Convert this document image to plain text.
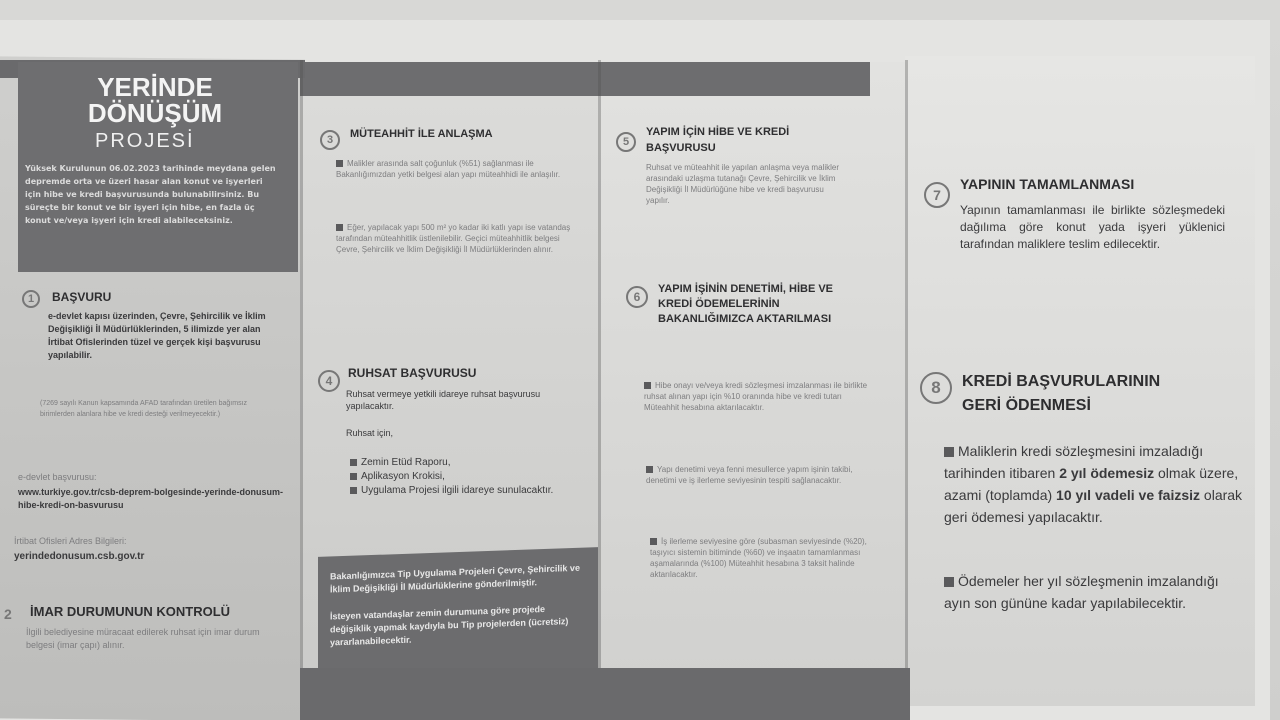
YERİNDE
DÖNÜŞÜM
PROJESİ
Yüksek Kurulunun 06.02.2023 tarihinde meydana gelen depremde orta ve üzeri hasar alan konut ve işyerleri için hibe ve kredi başvurusunda bulunabilirsiniz. Bu süreçte bir konut ve bir işyeri için hibe, en fazla üç konut ve/veya işyeri için kredi alabileceksiniz.
1	BAŞVURU
e-devlet kapısı üzerinden, Çevre, Şehircilik ve İklim Değişikliği İl Müdürlüklerinden, 5 ilimizde yer alan İrtibat Ofislerinden tüzel ve gerçek kişi başvurusu yapılabilir.
(7269 sayılı Kanun kapsamında AFAD tarafından üretilen bağımsız birimlerden alanlara hibe ve kredi desteği verilmeyecektir.)
e-devlet başvurusu:
www.turkiye.gov.tr/csb-deprem-bolgesinde-yerinde-donusum-hibe-kredi-on-basvurusu
İrtibat Ofisleri Adres Bilgileri:
yerindedonusum.csb.gov.tr
2 İMAR DURUMUNUN KONTROLÜ
İlgili belediyesine müracaat edilerek ruhsat için imar durum belgesi (imar çapı) alınır.
3	MÜTEAHHİT İLE ANLAŞMA
Malikler arasında salt çoğunluk (%51) sağlanması ile Bakanlığımızdan yetki belgesi alan yapı müteahhidi ile anlaşılır.
Eğer, yapılacak yapı 500 m² yo kadar iki katlı yapı ise vatandaş tarafından müteahhitlik üstlenilebilir. Geçici müteahhitlik belgesi Çevre, Şehircilik ve İklim Değişikliği İl Müdürlüklerinden alınır.
4
RUHSAT BAŞVURUSU
Ruhsat vermeye yetkili idareye ruhsat başvurusu yapılacaktır.
Ruhsat için,
Zemin Etüd Raporu,
Aplikasyon Krokisi,
Uygulama Projesi ilgili idareye sunulacaktır.

Bakanlığımızca Tip Uygulama Projeleri Çevre, Şehircilik ve İklim Değişikliği İl Müdürlüklerine gönderilmiştir.

İsteyen vatandaşlar zemin durumuna göre projede değişiklik yapmak kaydıyla bu Tip projelerden (ücretsiz) yararlanabilecektir.

5
YAPIM İÇİN HİBE VE KREDİ BAŞVURUSU
Ruhsat ve müteahhit ile yapılan anlaşma veya malikler arasındaki uzlaşma tutanağı Çevre, Şehircilik ve İklim Değişikliği İl Müdürlüğüne hibe ve kredi başvurusu yapılır.
6
YAPIM İŞİNİN DENETİMİ, HİBE VE KREDİ ÖDEMELERİNİN BAKANLIĞIMIZCA AKTARILMASI
Hibe onayı ve/veya kredi sözleşmesi imzalanması ile birlikte ruhsat alınan yapı için %10 oranında hibe ve kredi tutarı Müteahhit hesabına aktarılacaktır.
Yapı denetimi veya fenni mesullerce yapım işinin takibi, denetimi ve iş ilerleme seviyesinin tespiti sağlanacaktır.
İş ilerleme seviyesine göre (subasman seviyesinde (%20), taşıyıcı sistemin bitiminde (%60) ve inşaatın tamamlanması aşamalarında (%100) Müteahhit hesabına 3 taksit halinde aktarılacaktır.
7
YAPININ TAMAMLANMASI
Yapının tamamlanması ile birlikte sözleşmedeki dağılıma göre konut yada işyeri yüklenici tarafından maliklere teslim edilecektir.
8	KREDİ BAŞVURULARININ
GERİ ÖDENMESİ
Maliklerin kredi sözleşmesini imzaladığı tarihinden itibaren 2 yıl ödemesiz olmak üzere, azami (toplamda) 10 yıl vadeli ve faizsiz olarak geri ödemesi yapılacaktır.
Ödemeler her yıl sözleşmenin imzalandığı ayın son gününe kadar yapılabilecektir.
